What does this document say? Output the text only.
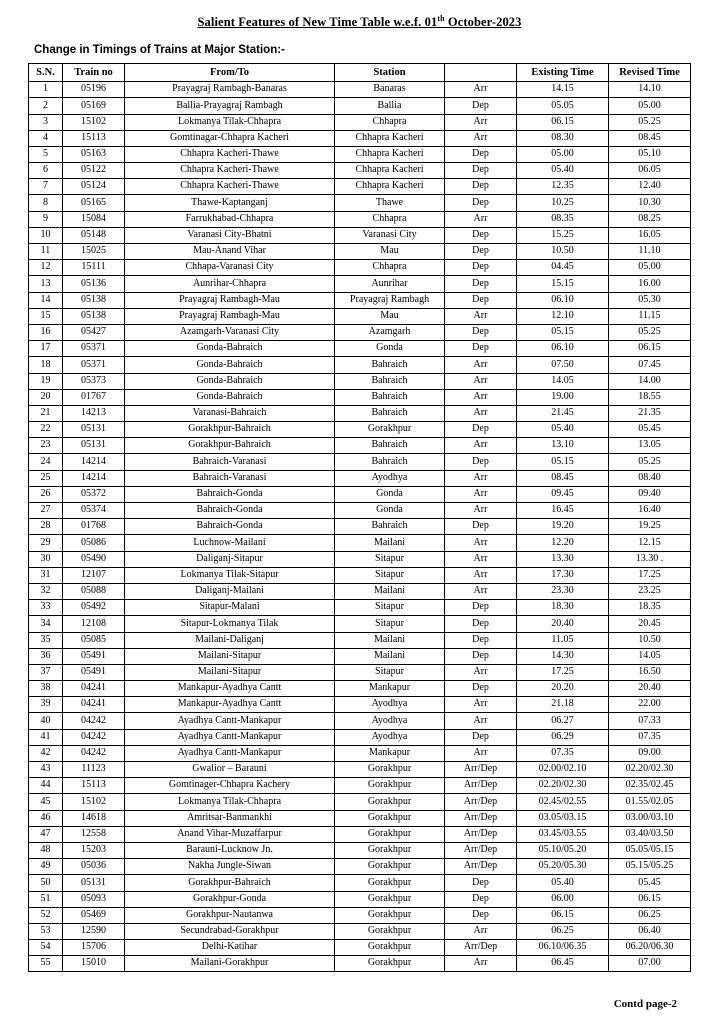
Salient Features of New Time Table w.e.f. 01th October-2023
Change in Timings of Trains at Major Station:-
S.N.	Train no	From/To	Station		Existing Time	Revised Time
1	05196	Prayagraj Rambagh-Banaras	Banaras	Arr	14.15	14.10
2	05169	Ballia-Prayagraj Rambagh	Ballia	Dep	05.05	05.00
3	15102	Lokmanya Tilak-Chhapra	Chhapra	Arr	06.15	05.25
4	15113	Gomtinagar-Chhapra Kacheri	Chhapra Kacheri	Arr	08.30	08.45
5	05163	Chhapra Kacheri-Thawe	Chhapra Kacheri	Dep	05.00	05.10
6	05122	Chhapra Kacheri-Thawe	Chhapra Kacheri	Dep	05.40	06.05
7	05124	Chhapra Kacheri-Thawe	Chhapra Kacheri	Dep	12.35	12.40
8	05165	Thawe-Kaptanganj	Thawe	Dep	10.25	10.30
9	15084	Farrukhabad-Chhapra	Chhapra	Arr	08.35	08.25
10	05148	Varanasi City-Bhatni	Varanasi City	Dep	15.25	16.05
11	15025	Mau-Anand Vihar	Mau	Dep	10.50	11.10
12	15111	Chhapa-Varanasi City	Chhapra	Dep	04.45	05.00
13	05136	Aunrihar-Chhapra	Aunrihar	Dep	15.15	16.00
14	05138	Prayagraj Rambagh-Mau	Prayagraj Rambagh	Dep	06.10	05.30
15	05138	Prayagraj Rambagh-Mau	Mau	Arr	12.10	11.15
16	05427	Azamgarh-Varanasi City	Azamgarh	Dep	05.15	05.25
17	05371	Gonda-Bahraich	Gonda	Dep	06.10	06.15
18	05371	Gonda-Bahraich	Bahraich	Arr	07.50	07.45
19	05373	Gonda-Bahraich	Bahraich	Arr	14.05	14.00
20	01767	Gonda-Bahraich	Bahraich	Arr	19.00	18.55
21	14213	Varanasi-Bahraich	Bahraich	Arr	21.45	21.35
22	05131	Gorakhpur-Bahraich	Gorakhpur	Dep	05.40	05.45
23	05131	Gorakhpur-Bahraich	Bahraich	Arr	13.10	13.05
24	14214	Bahraich-Varanasi	Bahraich	Dep	05.15	05.25
25	14214	Bahraich-Varanasi	Ayodhya	Arr	08.45	08.40
26	05372	Bahraich-Gonda	Gonda	Arr	09.45	09.40
27	05374	Bahraich-Gonda	Gonda	Arr	16.45	16.40
28	01768	Bahraich-Gonda	Bahraich	Dep	19.20	19.25
29	05086	Luchnow-Mailani	Mailani	Arr	12.20	12.15
30	05490	Daliganj-Sitapur	Sitapur	Arr	13.30	13.30 .
31	12107	Lokmanya Tilak-Sitapur	Sitapur	Arr	17.30	17.25
32	05088	Daliganj-Mailani	Mailani	Arr	23.30	23.25
33	05492	Sitapur-Malani	Sitapur	Dep	18.30	18.35
34	12108	Sitapur-Lokmanya Tilak	Sitapur	Dep	20.40	20.45
35	05085	Mailani-Daliganj	Mailani	Dep	11.05	10.50
36	05491	Mailani-Sitapur	Mailani	Dep	14.30	14.05
37	05491	Mailani-Sitapur	Sitapur	Arr	17.25	16.50
38	04241	Mankapur-Ayadhya Cantt	Mankapur	Dep	20.20	20.40
39	04241	Mankapur-Ayadhya Cantt	Ayodhya	Arr	21.18	22.00
40	04242	Ayadhya Cantt-Mankapur	Ayodhya	Arr	06.27	07.33
41	04242	Ayadhya Cantt-Mankapur	Ayodhya	Dep	06.29	07.35
42	04242	Ayadhya Cantt-Mankapur	Mankapur	Arr	07.35	09.00
43	11123	Gwalior – Barauni	Gorakhpur	Arr/Dep	02.00/02.10	02.20/02.30
44	15113	Gomtinager-Chhapra Kachery	Gorakhpur	Arr/Dep	02.20/02.30	02.35/02.45
45	15102	Lokmanya Tilak-Chhapra	Gorakhpur	Arr/Dep	02.45/02.55	01.55/02.05
46	14618	Amritsar-Banmankhi	Gorakhpur	Arr/Dep	03.05/03.15	03.00/03.10
47	12558	Anand Vihar-Muzaffarpur	Gorakhpur	Arr/Dep	03.45/03.55	03.40/03.50
48	15203	Barauni-Lucknow Jn.	Gorakhpur	Arr/Dep	05.10/05.20	05.05/05.15
49	05036	Nakha Jungle-Siwan	Gorakhpur	Arr/Dep	05.20/05.30	05.15/05.25
50	05131	Gorakhpur-Bahraich	Gorakhpur	Dep	05.40	05.45
51	05093	Gorakhpur-Gonda	Gorakhpur	Dep	06.00	06.15
52	05469	Gorakhpur-Nautanwa	Gorakhpur	Dep	06.15	06.25
53	12590	Secundrabad-Gorakhpur	Gorakhpur	Arr	06.25	06.40
54	15706	Delhi-Katihar	Gorakhpur	Arr/Dep	06.10/06.35	06.20/06.30
55	15010	Mailani-Gorakhpur	Gorakhpur	Arr	06.45	07.00
Contd page-2
